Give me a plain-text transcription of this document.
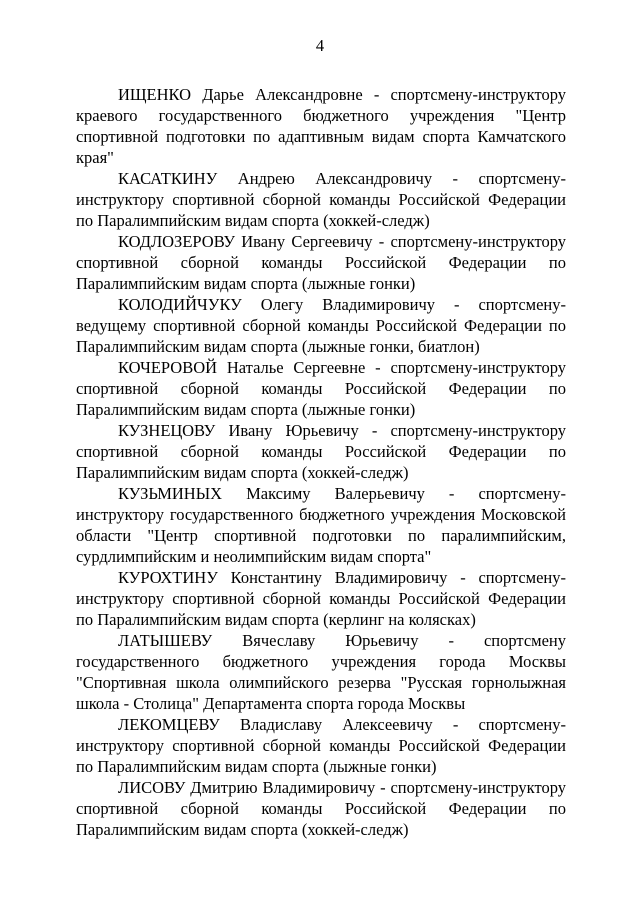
4

ИЩЕНКО Дарье Александровне - спортсмену-инструктору краевого государственного бюджетного учреждения "Центр спортивной подготовки по адаптивным видам спорта Камчатского края"

КАСАТКИНУ Андрею Александровичу - спортсмену-инструктору спортивной сборной команды Российской Федерации по Паралимпийским видам спорта (хоккей-следж)

КОДЛОЗЕРОВУ Ивану Сергеевичу - спортсмену-инструктору спортивной сборной команды Российской Федерации по Паралимпийским видам спорта (лыжные гонки)

КОЛОДИЙЧУКУ Олегу Владимировичу - спортсмену-ведущему спортивной сборной команды Российской Федерации по Паралимпийским видам спорта (лыжные гонки, биатлон)

КОЧЕРОВОЙ Наталье Сергеевне - спортсмену-инструктору спортивной сборной команды Российской Федерации по Паралимпийским видам спорта (лыжные гонки)

КУЗНЕЦОВУ Ивану Юрьевичу - спортсмену-инструктору спортивной сборной команды Российской Федерации по Паралимпийским видам спорта (хоккей-следж)

КУЗЬМИНЫХ Максиму Валерьевичу - спортсмену-инструктору государственного бюджетного учреждения Московской области "Центр спортивной подготовки по паралимпийским, сурдлимпийским и неолимпийским видам спорта"

КУРОХТИНУ Константину Владимировичу - спортсмену-инструктору спортивной сборной команды Российской Федерации по Паралимпийским видам спорта (керлинг на колясках)

ЛАТЫШЕВУ Вячеславу Юрьевичу - спортсмену государственного бюджетного учреждения города Москвы "Спортивная школа олимпийского резерва "Русская горнолыжная школа - Столица" Департамента спорта города Москвы

ЛЕКОМЦЕВУ Владиславу Алексеевичу - спортсмену-инструктору спортивной сборной команды Российской Федерации по Паралимпийским видам спорта (лыжные гонки)

ЛИСОВУ Дмитрию Владимировичу - спортсмену-инструктору спортивной сборной команды Российской Федерации по Паралимпийским видам спорта (хоккей-следж)
